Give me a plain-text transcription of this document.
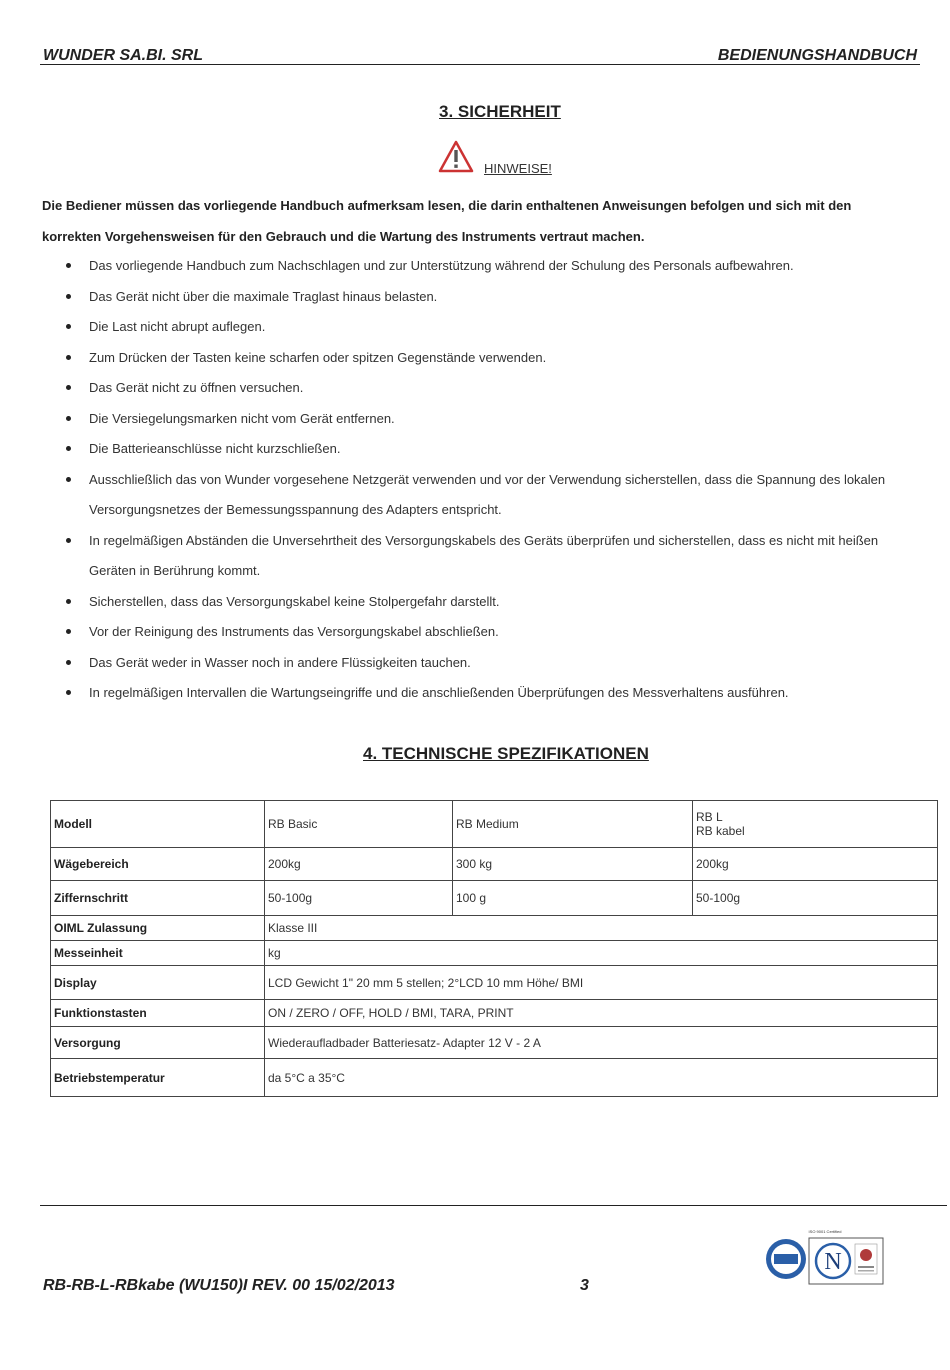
WUNDER SA.BI. SRL	BEDIENUNGSHANDBUCH
3. SICHERHEIT
HINWEISE!
Die Bediener müssen das vorliegende Handbuch aufmerksam lesen, die darin enthaltenen Anweisungen befolgen und sich mit den korrekten Vorgehensweisen für den Gebrauch und die Wartung des Instruments vertraut machen.
Das vorliegende Handbuch zum Nachschlagen und zur Unterstützung während der Schulung des Personals aufbewahren.
Das Gerät nicht über die maximale Traglast hinaus belasten.
Die Last nicht abrupt auflegen.
Zum Drücken der Tasten keine scharfen oder spitzen Gegenstände verwenden.
Das Gerät nicht zu öffnen versuchen.
Die Versiegelungsmarken nicht vom Gerät entfernen.
Die Batterieanschlüsse nicht kurzschließen.
Ausschließlich das von Wunder vorgesehene Netzgerät verwenden und vor der Verwendung sicherstellen, dass die Spannung des lokalen Versorgungsnetzes der Bemessungsspannung des Adapters entspricht.
In regelmäßigen Abständen die Unversehrtheit des Versorgungskabels des Geräts überprüfen und sicherstellen, dass es nicht mit heißen Geräten in Berührung kommt.
Sicherstellen, dass das Versorgungskabel keine Stolpergefahr darstellt.
Vor der Reinigung des Instruments das Versorgungskabel abschließen.
Das Gerät weder in Wasser noch in andere Flüssigkeiten tauchen.
In regelmäßigen Intervallen die Wartungseingriffe und die anschließenden Überprüfungen des Messverhaltens ausführen.
4. TECHNISCHE SPEZIFIKATIONEN
Modell	RB Basic	RB Medium	RB L
RB kabel

Wägebereich	200kg	300 kg	200kg
Ziffernschritt	50-100g	100 g	50-100g
OIML Zulassung	Klasse III		
Messeinheit	kg		
Display	LCD Gewicht 1" 20 mm 5 stellen; 2°LCD 10 mm Höhe/ BMI		
Funktionstasten	ON / ZERO / OFF, HOLD / BMI, TARA, PRINT		
Versorgung	Wiederaufladbader Batteriesatz- Adapter 12 V - 2 A		
Betriebstemperatur	da 5°C a 35°C		
RB-RB-L-RBkabe (WU150)I REV. 00 15/02/2013	3
ISO 9001 Certified
N
